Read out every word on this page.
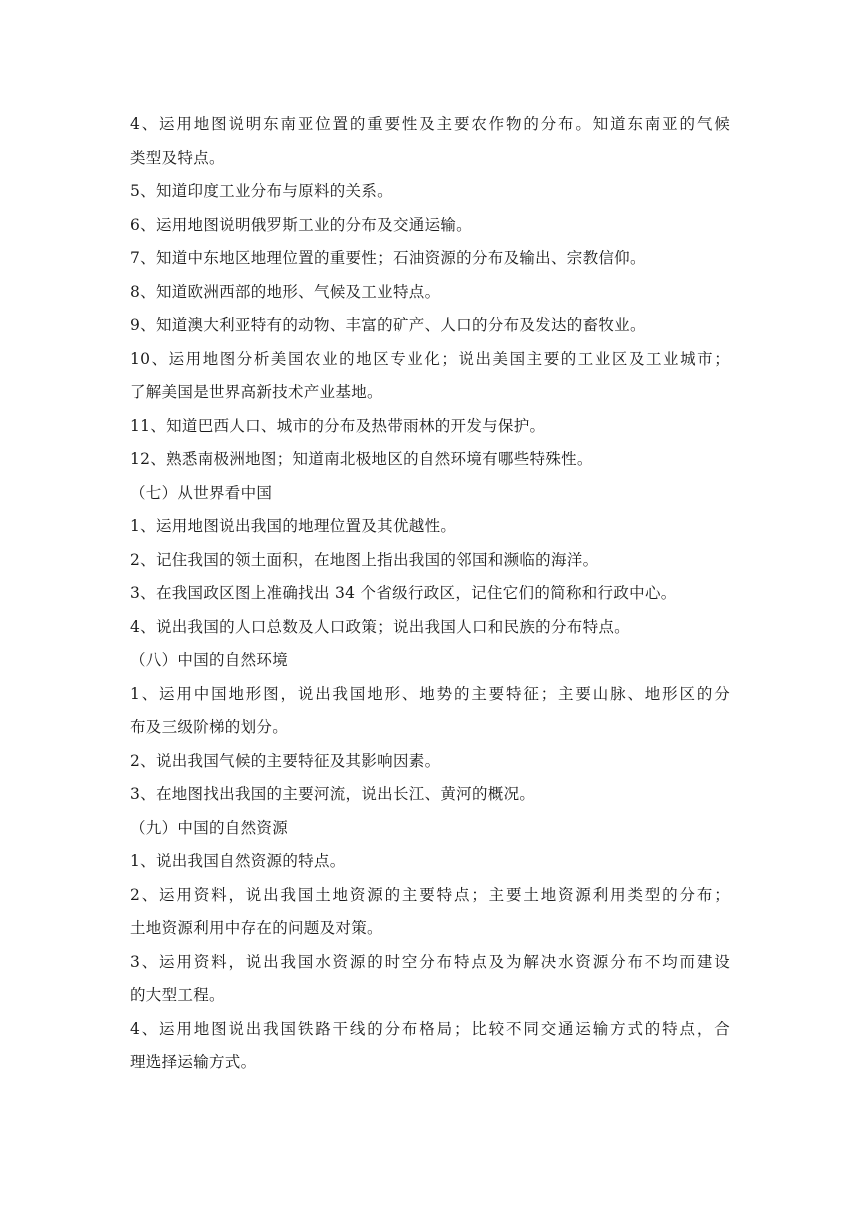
4、运用地图说明东南亚位置的重要性及主要农作物的分布。知道东南亚的气候
类型及特点。
5、知道印度工业分布与原料的关系。
6、运用地图说明俄罗斯工业的分布及交通运输。
7、知道中东地区地理位置的重要性；石油资源的分布及输出、宗教信仰。
8、知道欧洲西部的地形、气候及工业特点。
9、知道澳大利亚特有的动物、丰富的矿产、人口的分布及发达的畜牧业。
10、运用地图分析美国农业的地区专业化；说出美国主要的工业区及工业城市；
了解美国是世界高新技术产业基地。
11、知道巴西人口、城市的分布及热带雨林的开发与保护。
12、熟悉南极洲地图；知道南北极地区的自然环境有哪些特殊性。
（七）从世界看中国
1、运用地图说出我国的地理位置及其优越性。
2、记住我国的领土面积，在地图上指出我国的邻国和濒临的海洋。
3、在我国政区图上准确找出 34 个省级行政区，记住它们的简称和行政中心。
4、说出我国的人口总数及人口政策；说出我国人口和民族的分布特点。
（八）中国的自然环境
1、运用中国地形图，说出我国地形、地势的主要特征；主要山脉、地形区的分
布及三级阶梯的划分。
2、说出我国气候的主要特征及其影响因素。
3、在地图找出我国的主要河流，说出长江、黄河的概况。
（九）中国的自然资源
1、说出我国自然资源的特点。
2、运用资料，说出我国土地资源的主要特点；主要土地资源利用类型的分布；
土地资源利用中存在的问题及对策。
3、运用资料，说出我国水资源的时空分布特点及为解决水资源分布不均而建设
的大型工程。
4、运用地图说出我国铁路干线的分布格局；比较不同交通运输方式的特点，合
理选择运输方式。
